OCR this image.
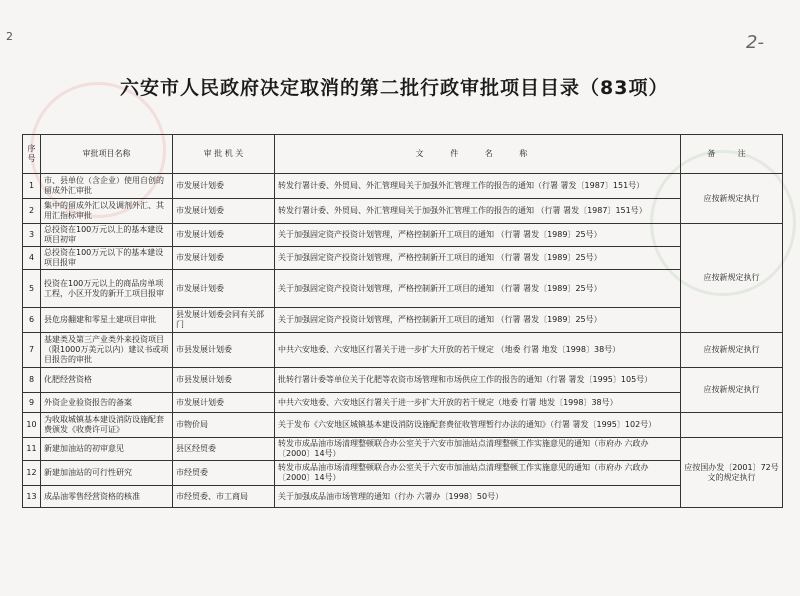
2	2-
六安市人民政府决定取消的第二批行政审批项目目录（83项）
序号	审批项目名称	审 批 机 关	文 件 名 称	备 注
1	市、县单位（含企业）使用自创的留成外汇审批	市发展计划委	转发行署计委、外贸局、外汇管理局关于加强外汇管理工作的报告的通知（行署 署发〔1987〕151号）	应按新规定执行
2	集中的留成外汇以及调剂外汇、其用汇指标审批	市发展计划委	转发行署计委、外贸局、外汇管理局关于加强外汇管理工作的报告的通知 （行署 署发〔1987〕151号）	
3	总投资在100万元以上的基本建设项目初审	市发展计划委	关于加强固定资产投资计划管理，严格控制新开工项目的通知 （行署 署发〔1989〕25号）	应按新规定执行
4	总投资在100万元以下的基本建设项目报审	市发展计划委	关于加强固定资产投资计划管理，严格控制新开工项目的通知 （行署 署发〔1989〕25号）	
5	投资在100万元以上的商品房单项工程，小区开发的新开工项目报审	市发展计划委	关于加强固定资产投资计划管理，严格控制新开工项目的通知 （行署 署发〔1989〕25号）	
6	县危房翻建和零星土建项目审批	县发展计划委会同有关部门	关于加强固定资产投资计划管理，严格控制新开工项目的通知 （行署 署发〔1989〕25号）	
7	基建类及第三产业类外来投资项目（限1000万美元以内）建议书或项目报告的审批	市县发展计划委	中共六安地委、六安地区行署关于进一步扩大开放的若干规定 （地委 行署 地发〔1998〕38号）	应按新规定执行
8	化肥经营资格	市县发展计划委	批转行署计委等单位关于化肥等农资市场管理和市场供应工作的报告的通知（行署 署发〔1995〕105号）	应按新规定执行
9	外资企业验资报告的备案	市发展计划委	中共六安地委、六安地区行署关于进一步扩大开放的若干规定（地委 行署 地发〔1998〕38号）	
10	为收取城镇基本建设消防设施配套费颁发《收费许可证》	市物价局	关于发布《六安地区城镇基本建设消防设施配套费征收管理暂行办法的通知》（行署 署发〔1995〕102号）	
11	新建加油站的初审意见	县区经贸委	转发市成品油市场清理整顿联合办公室关于六安市加油站点清理整顿工作实施意见的通知（市府办 六政办〔2000〕14号）	应按国办发〔2001〕72号文的规定执行
12	新建加油站的可行性研究	市经贸委	转发市成品油市场清理整顿联合办公室关于六安市加油站点清理整顿工作实施意见的通知（市府办 六政办〔2000〕14号）	
13	成品油零售经营资格的核准	市经贸委、市工商局	关于加强成品油市场管理的通知（行办 六署办〔1998〕50号）	
